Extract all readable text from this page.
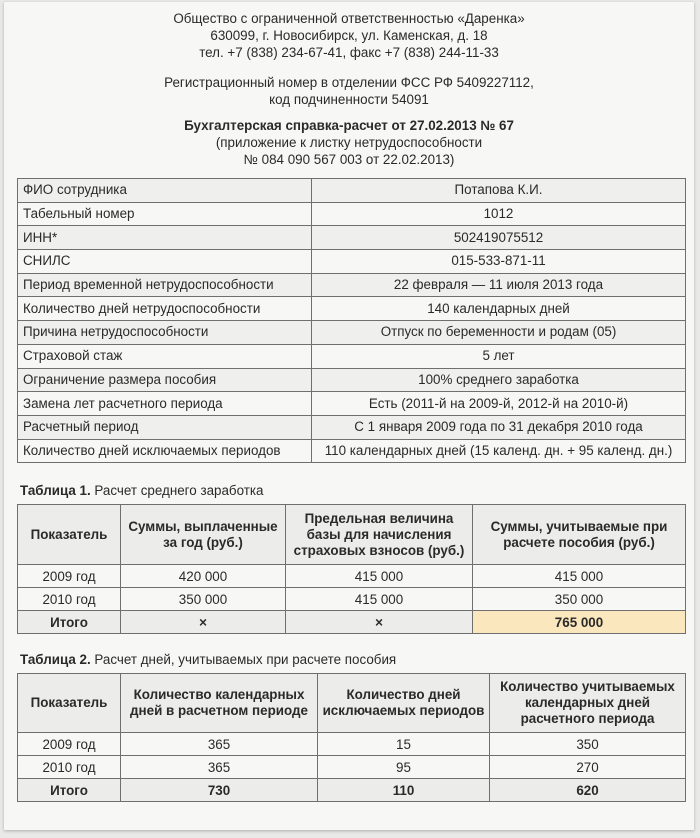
Общество с ограниченной ответственностью «Даренка»
630099, г. Новосибирск, ул. Каменская, д. 18
тел. +7 (838) 234-67-41, факс +7 (838) 244-11-33
Регистрационный номер в отделении ФСС РФ 5409227112,
код подчиненности 54091
Бухгалтерская справка-расчет от 27.02.2013 № 67
(приложение к листку нетрудоспособности
№ 084 090 567 003 от 22.02.2013)
ФИО сотрудника	Потапова К.И.
Табельный номер	1012
ИНН*	502419075512
СНИЛС	015-533-871-11
Период временной нетрудоспособности	22 февраля — 11 июля 2013 года
Количество дней нетрудоспособности	140 календарных дней
Причина нетрудоспособности	Отпуск по беременности и родам (05)
Страховой стаж	5 лет
Ограничение размера пособия	100% среднего заработка
Замена лет расчетного периода	Есть (2011-й на 2009-й, 2012-й на 2010-й)
Расчетный период	С 1 января 2009 года по 31 декабря 2010 года
Количество дней исключаемых периодов	110 календарных дней (15 календ. дн. + 95 календ. дн.)
Таблица 1. Расчет среднего заработка
Показатель	Суммы, выплаченные за год (руб.)	Предельная величина базы для начисления страховых взносов (руб.)	Суммы, учитываемые при расчете пособия (руб.)
2009 год	420 000	415 000	415 000
2010 год	350 000	415 000	350 000
Итого	×	×	765 000
Таблица 2. Расчет дней, учитываемых при расчете пособия
Показатель	Количество календарных дней в расчетном периоде	Количество дней исключаемых периодов	Количество учитываемых календарных дней расчетного периода
2009 год	365	15	350
2010 год	365	95	270
Итого	730	110	620
